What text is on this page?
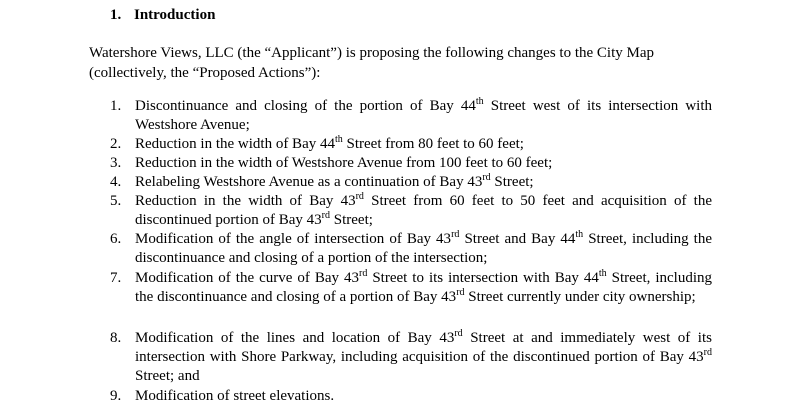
1. Introduction

Watershore Views, LLC (the “Applicant”) is proposing the following changes to the City Map (collectively, the “Proposed Actions”):

1. Discontinuance and closing of the portion of Bay 44th Street west of its intersection with Westshore Avenue;
2. Reduction in the width of Bay 44th Street from 80 feet to 60 feet;
3. Reduction in the width of Westshore Avenue from 100 feet to 60 feet;
4. Relabeling Westshore Avenue as a continuation of Bay 43rd Street;
5. Reduction in the width of Bay 43rd Street from 60 feet to 50 feet and acquisition of the discontinued portion of Bay 43rd Street;
6. Modification of the angle of intersection of Bay 43rd Street and Bay 44th Street, including the discontinuance and closing of a portion of the intersection;
7. Modification of the curve of Bay 43rd Street to its intersection with Bay 44th Street, including the discontinuance and closing of a portion of Bay 43rd Street currently under city ownership;
8. Modification of the lines and location of Bay 43rd Street at and immediately west of its intersection with Shore Parkway, including acquisition of the discontinued portion of Bay 43rd Street; and
9. Modification of street elevations.
